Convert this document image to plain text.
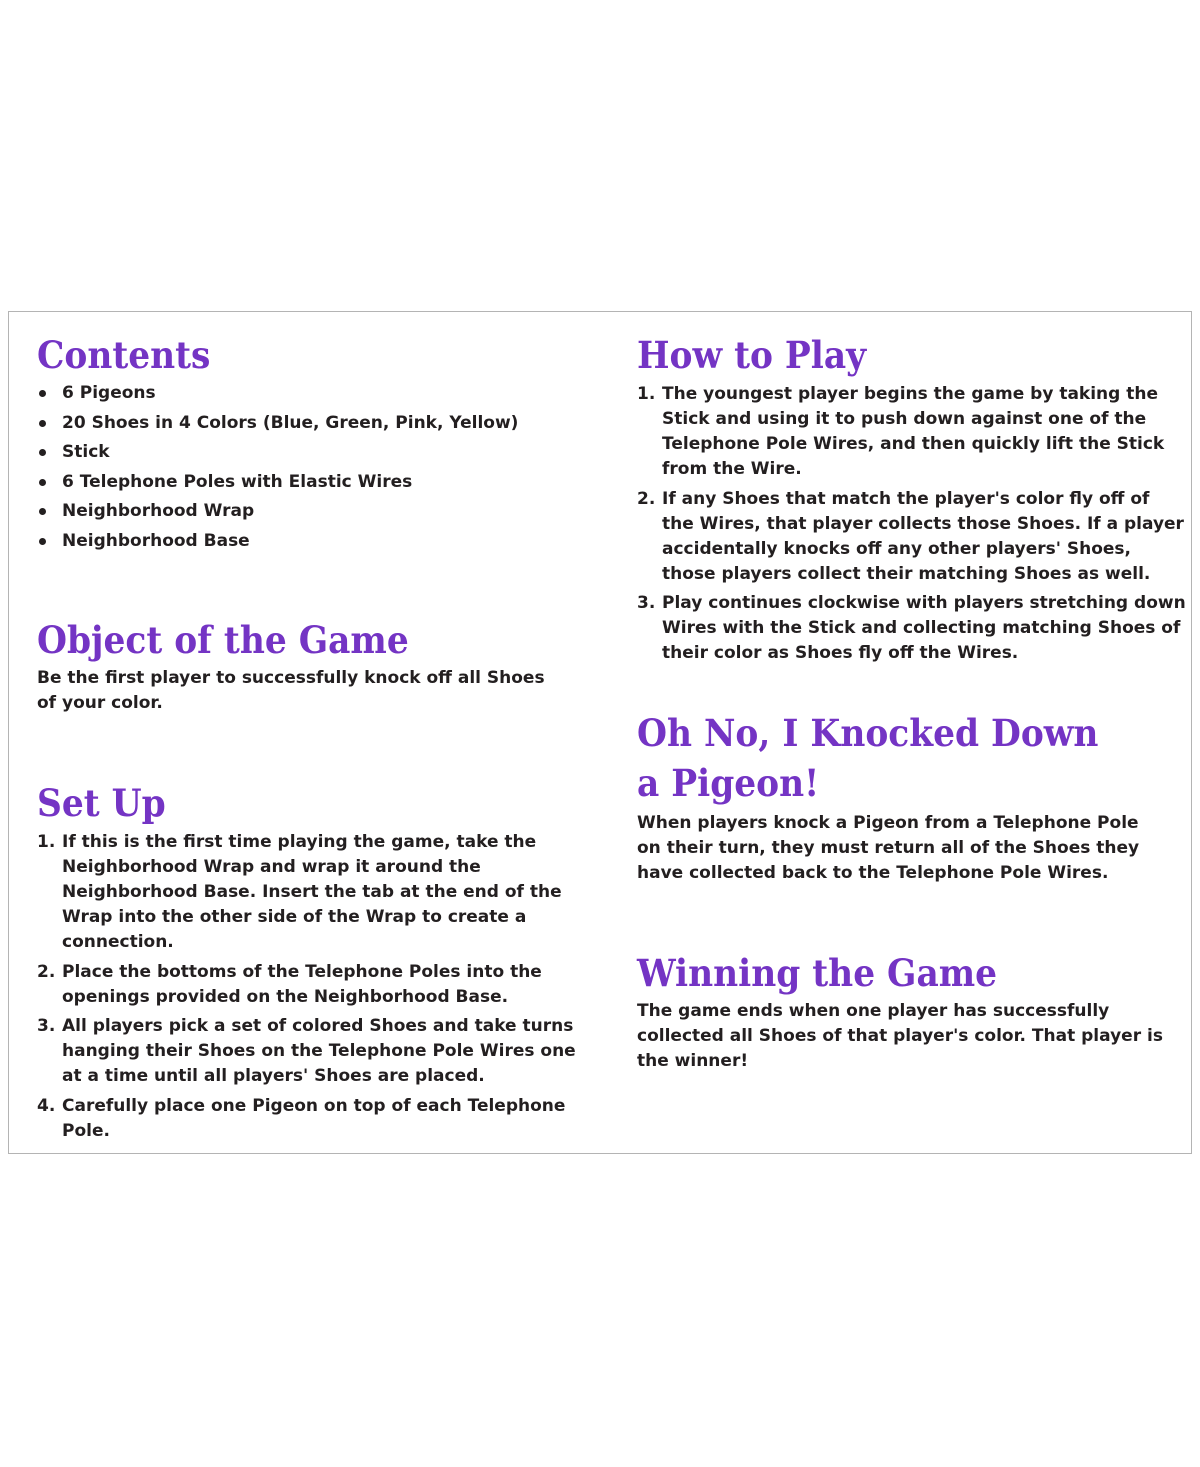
Contents
6 Pigeons
20 Shoes in 4 Colors (Blue, Green, Pink, Yellow)
Stick
6 Telephone Poles with Elastic Wires
Neighborhood Wrap
Neighborhood Base
Object of the Game

Be the first player to successfully knock off all Shoes of your color.

Set Up
1. If this is the first time playing the game, take the Neighborhood Wrap and wrap it around the Neighborhood Base. Insert the tab at the end of the Wrap into the other side of the Wrap to create a connection.
2. Place the bottoms of the Telephone Poles into the openings provided on the Neighborhood Base.
3. All players pick a set of colored Shoes and take turns hanging their Shoes on the Telephone Pole Wires one at a time until all players' Shoes are placed.
4. Carefully place one Pigeon on top of each Telephone Pole.
How to Play
1. The youngest player begins the game by taking the Stick and using it to push down against one of the Telephone Pole Wires, and then quickly lift the Stick from the Wire.
2. If any Shoes that match the player's color fly off of the Wires, that player collects those Shoes. If a player accidentally knocks off any other players' Shoes, those players collect their matching Shoes as well.
3. Play continues clockwise with players stretching down Wires with the Stick and collecting matching Shoes of their color as Shoes fly off the Wires.
Oh No, I Knocked Down
a Pigeon!

When players knock a Pigeon from a Telephone Pole on their turn, they must return all of the Shoes they have collected back to the Telephone Pole Wires.

Winning the Game

The game ends when one player has successfully collected all Shoes of that player's color. That player is the winner!
